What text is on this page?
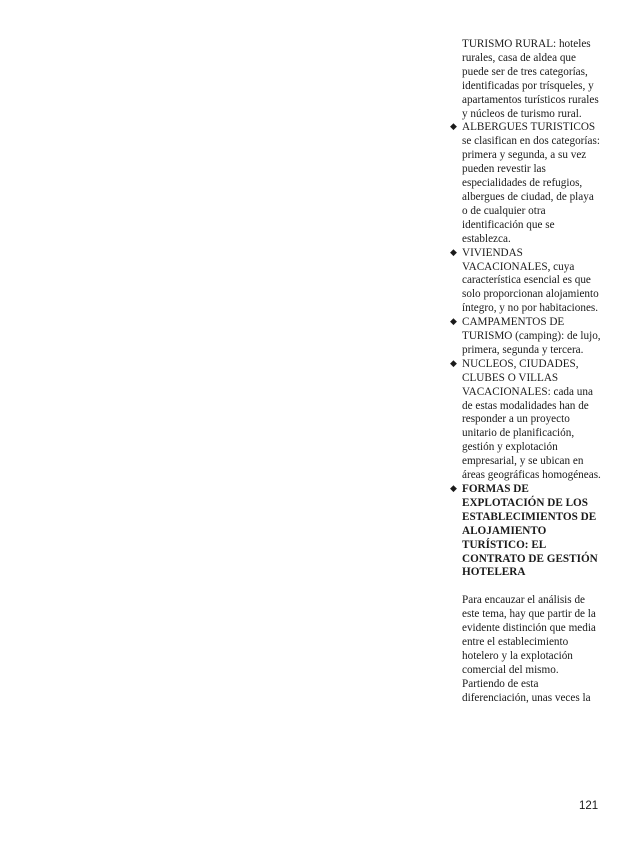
TURISMO RURAL: hoteles rurales, casa de aldea que puede ser de tres categorías, identificadas por trísqueles, y apartamentos turísticos rurales y núcleos de turismo rural.

◆ ALBERGUES TURISTICOS se clasifican en dos categorías: primera y segunda, a su vez pueden revestir las especialidades de refugios, albergues de ciudad, de playa o de cualquier otra identificación que se establezca.
◆ VIVIENDAS VACACIONALES, cuya característica esencial es que solo proporcionan alojamiento íntegro, y no por habitaciones.
◆ CAMPAMENTOS DE TURISMO (camping): de lujo, primera, segunda y tercera.
◆ NUCLEOS, CIUDADES, CLUBES O VILLAS VACACIONALES: cada una de estas modalidades han de responder a un proyecto unitario de planificación, gestión y explotación empresarial, y se ubican en áreas geográficas homogéneas.
◆ FORMAS DE EXPLOTACIÓN DE LOS ESTABLECIMIENTOS DE ALOJAMIENTO TURÍSTICO: EL CONTRATO DE GESTIÓN HOTELERA

Para encauzar el análisis de este tema, hay que partir de la evidente distinción que media entre el establecimiento hotelero y la explotación comercial del mismo. Partiendo de esta diferenciación, unas veces la

121
